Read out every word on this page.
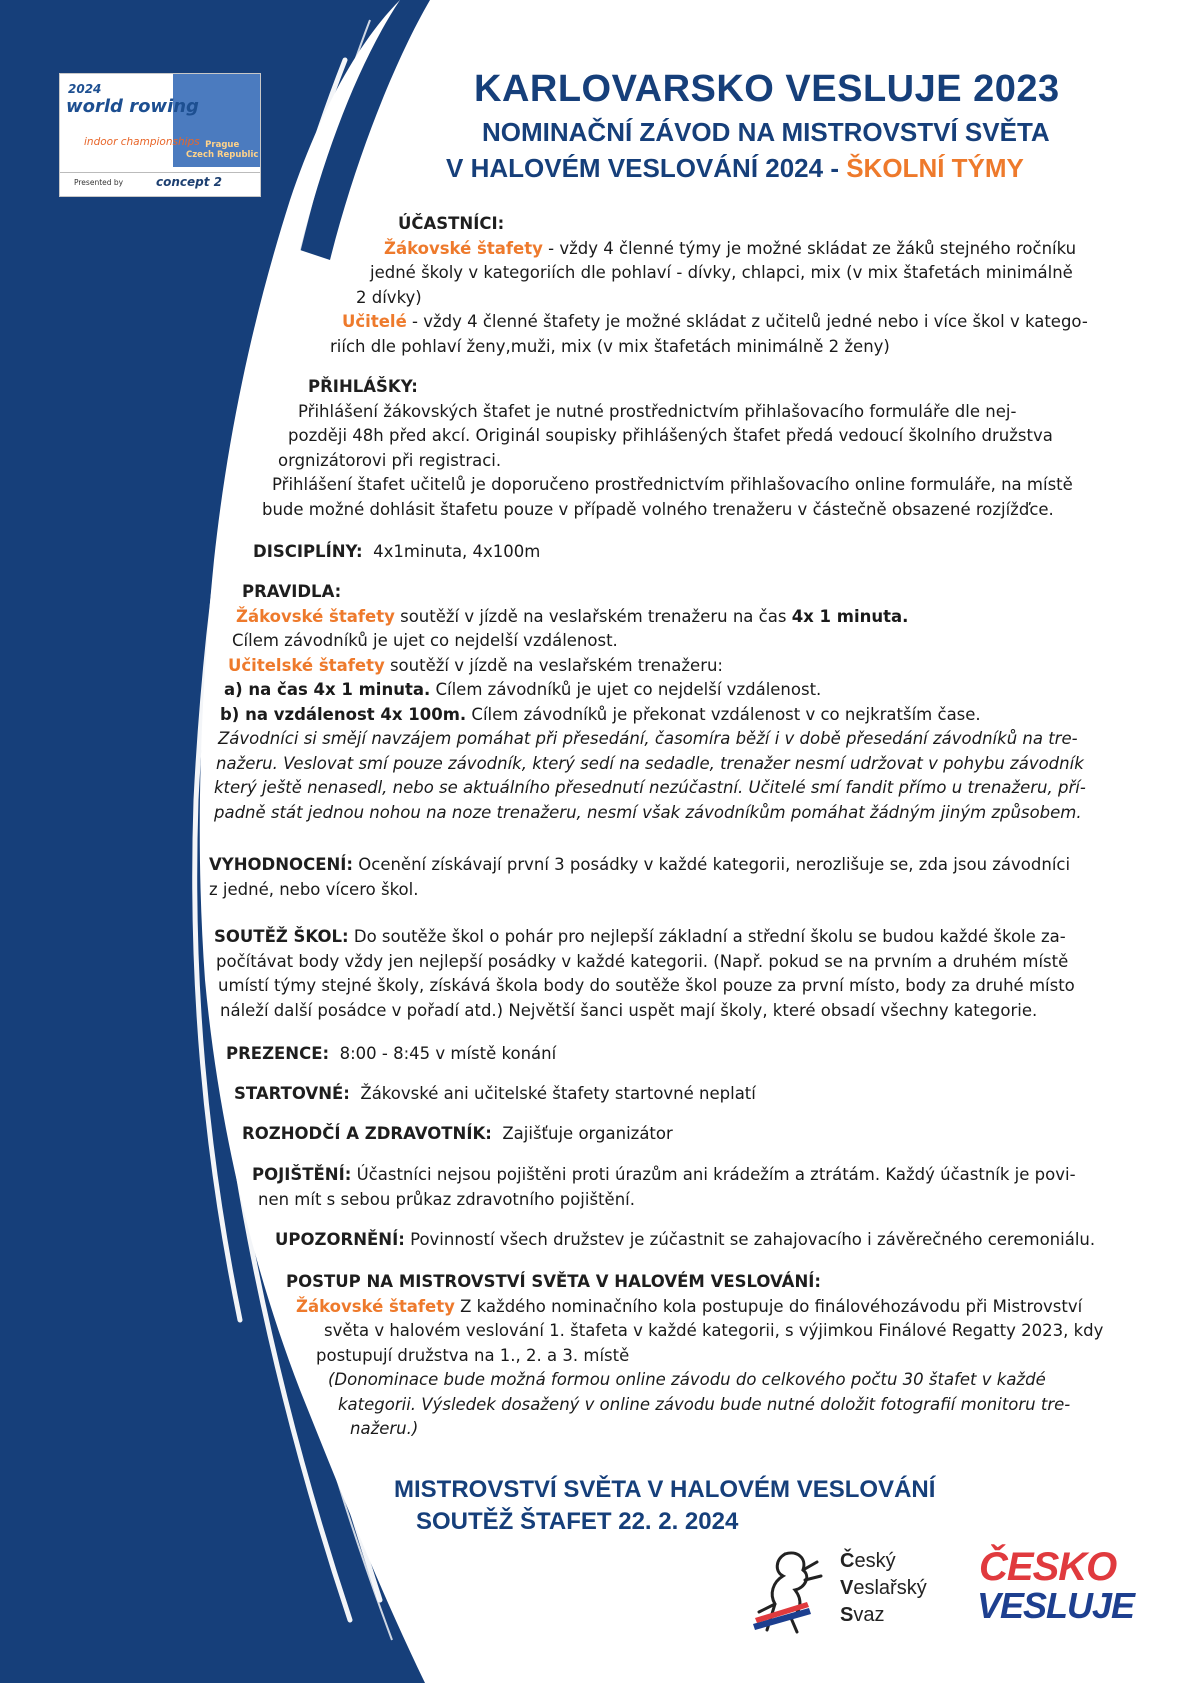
2024
world rowing
indoor championships Prague
Czech Republic
Presented by	concept 2
KARLOVARSKO VESLUJE 2023
NOMINAČNÍ ZÁVOD NA MISTROVSTVÍ SVĚTA
V HALOVÉM VESLOVÁNÍ 2024 - ŠKOLNÍ TÝMY
ÚČASTNÍCI:
Žákovské štafety - vždy 4 členné týmy je možné skládat ze žáků stejného ročníku
jedné školy v kategoriích dle pohlaví - dívky, chlapci, mix (v mix štafetách minimálně
2 dívky)
Učitelé - vždy 4 členné štafety je možné skládat z učitelů jedné nebo i více škol v katego-
riích dle pohlaví ženy,muži, mix (v mix štafetách minimálně 2 ženy)
PŘIHLÁŠKY:
Přihlášení žákovských štafet je nutné prostřednictvím přihlašovacího formuláře dle nej-
později 48h před akcí. Originál soupisky přihlášených štafet předá vedoucí školního družstva
orgnizátorovi při registraci.
Přihlášení štafet učitelů je doporučeno prostřednictvím přihlašovacího online formuláře, na místě
bude možné dohlásit štafetu pouze v případě volného trenažeru v částečně obsazené rozjížďce.
DISCIPLÍNY: 4x1minuta, 4x100m
PRAVIDLA:
Žákovské štafety soutěží v jízdě na veslařském trenažeru na čas 4x 1 minuta.
Cílem závodníků je ujet co nejdelší vzdálenost.
Učitelské štafety soutěží v jízdě na veslařském trenažeru:
a) na čas 4x 1 minuta. Cílem závodníků je ujet co nejdelší vzdálenost.
b) na vzdálenost 4x 100m. Cílem závodníků je překonat vzdálenost v co nejkratším čase.
Závodníci si smějí navzájem pomáhat při přesedání, časomíra běží i v době přesedání závodníků na tre-
nažeru. Veslovat smí pouze závodník, který sedí na sedadle, trenažer nesmí udržovat v pohybu závodník
který ještě nenasedl, nebo se aktuálního přesednutí nezúčastní. Učitelé smí fandit přímo u trenažeru, pří-
padně stát jednou nohou na noze trenažeru, nesmí však závodníkům pomáhat žádným jiným způsobem.
VYHODNOCENÍ: Ocenění získávají první 3 posádky v každé kategorii, nerozlišuje se, zda jsou závodníci
z jedné, nebo vícero škol.
SOUTĚŽ ŠKOL: Do soutěže škol o pohár pro nejlepší základní a střední školu se budou každé škole za-
počítávat body vždy jen nejlepší posádky v každé kategorii. (Např. pokud se na prvním a druhém místě
umístí týmy stejné školy, získává škola body do soutěže škol pouze za první místo, body za druhé místo
náleží další posádce v pořadí atd.) Největší šanci uspět mají školy, které obsadí všechny kategorie.
PREZENCE: 8:00 - 8:45 v místě konání
STARTOVNÉ: Žákovské ani učitelské štafety startovné neplatí
ROZHODČÍ A ZDRAVOTNÍK: Zajišťuje organizátor
POJIŠTĚNÍ: Účastníci nejsou pojištěni proti úrazům ani krádežím a ztrátám. Každý účastník je povi-
nen mít s sebou průkaz zdravotního pojištění.
UPOZORNĚNÍ: Povinností všech družstev je zúčastnit se zahajovacího i závěrečného ceremoniálu.
POSTUP NA MISTROVSTVÍ SVĚTA V HALOVÉM VESLOVÁNÍ:
Žákovské štafety Z každého nominačního kola postupuje do finálovéhozávodu při Mistrovství
světa v halovém veslování 1. štafeta v každé kategorii, s výjimkou Finálové Regatty 2023, kdy
postupují družstva na 1., 2. a 3. místě
(Donominace bude možná formou online závodu do celkového počtu 30 štafet v každé
kategorii. Výsledek dosažený v online závodu bude nutné doložit fotografií monitoru tre-
nažeru.)
MISTROVSTVÍ SVĚTA V HALOVÉM VESLOVÁNÍ
SOUTĚŽ ŠTAFET 22. 2. 2024
Český
Veslařský
Svaz
ČESKO
VESLUJE
